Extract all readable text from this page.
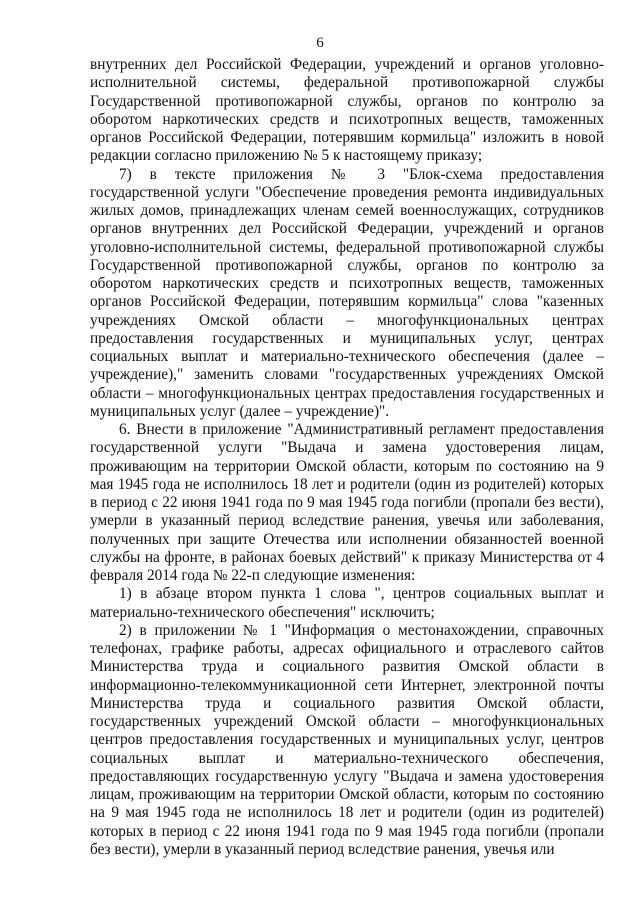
6

внутренних дел Российской Федерации, учреждений и органов уголовно-исполнительной системы, федеральной противопожарной службы Государственной противопожарной службы, органов по контролю за оборотом наркотических средств и психотропных веществ, таможенных органов Российской Федерации, потерявшим кормильца" изложить в новой редакции согласно приложению № 5 к настоящему приказу;

7) в тексте приложения № 3 "Блок-схема предоставления государственной услуги "Обеспечение проведения ремонта индивидуальных жилых домов, принадлежащих членам семей военнослужащих, сотрудников органов внутренних дел Российской Федерации, учреждений и органов уголовно-исполнительной системы, федеральной противопожарной службы Государственной противопожарной службы, органов по контролю за оборотом наркотических средств и психотропных веществ, таможенных органов Российской Федерации, потерявшим кормильца" слова "казенных учреждениях Омской области – многофункциональных центрах предоставления государственных и муниципальных услуг, центрах социальных выплат и материально-технического обеспечения (далее – учреждение)," заменить словами "государственных учреждениях Омской области – многофункциональных центрах предоставления государственных и муниципальных услуг (далее – учреждение)".

6. Внести в приложение "Административный регламент предоставления государственной услуги "Выдача и замена удостоверения лицам, проживающим на территории Омской области, которым по состоянию на 9 мая 1945 года не исполнилось 18 лет и родители (один из родителей) которых в период с 22 июня 1941 года по 9 мая 1945 года погибли (пропали без вести), умерли в указанный период вследствие ранения, увечья или заболевания, полученных при защите Отечества или исполнении обязанностей военной службы на фронте, в районах боевых действий" к приказу Министерства от 4 февраля 2014 года № 22-п следующие изменения:

1) в абзаце втором пункта 1 слова ", центров социальных выплат и материально-технического обеспечения" исключить;

2) в приложении № 1 "Информация о местонахождении, справочных телефонах, графике работы, адресах официального и отраслевого сайтов Министерства труда и социального развития Омской области в информационно-телекоммуникационной сети Интернет, электронной почты Министерства труда и социального развития Омской области, государственных учреждений Омской области – многофункциональных центров предоставления государственных и муниципальных услуг, центров социальных выплат и материально-технического обеспечения, предоставляющих государственную услугу "Выдача и замена удостоверения лицам, проживающим на территории Омской области, которым по состоянию на 9 мая 1945 года не исполнилось 18 лет и родители (один из родителей) которых в период с 22 июня 1941 года по 9 мая 1945 года погибли (пропали без вести), умерли в указанный период вследствие ранения, увечья или
